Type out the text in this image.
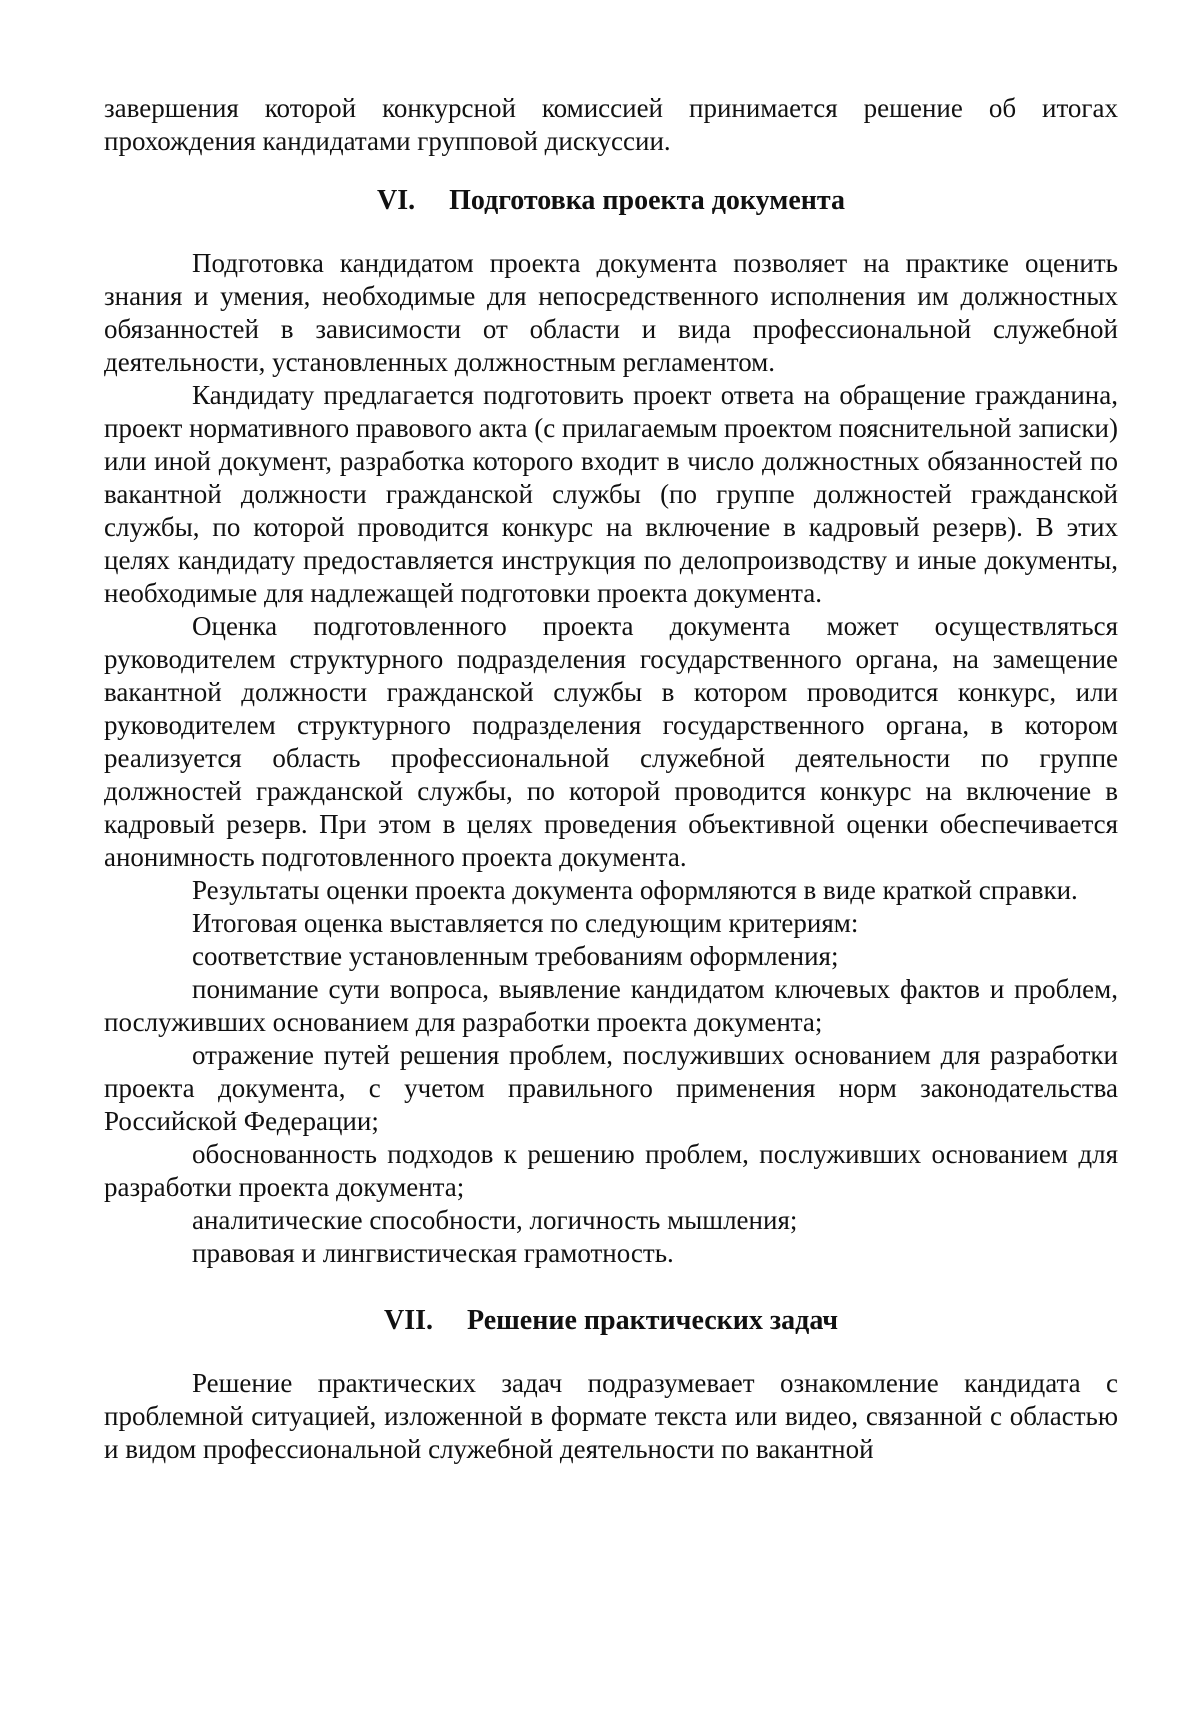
завершения которой конкурсной комиссией принимается решение об итогах прохождения кандидатами групповой дискуссии.

VI. Подготовка проекта документа

Подготовка кандидатом проекта документа позволяет на практике оценить знания и умения, необходимые для непосредственного исполнения им должностных обязанностей в зависимости от области и вида профессиональной служебной деятельности, установленных должностным регламентом.

Кандидату предлагается подготовить проект ответа на обращение гражданина, проект нормативного правового акта (с прилагаемым проектом пояснительной записки) или иной документ, разработка которого входит в число должностных обязанностей по вакантной должности гражданской службы (по группе должностей гражданской службы, по которой проводится конкурс на включение в кадровый резерв). В этих целях кандидату предоставляется инструкция по делопроизводству и иные документы, необходимые для надлежащей подготовки проекта документа.

Оценка подготовленного проекта документа может осуществляться руководителем структурного подразделения государственного органа, на замещение вакантной должности гражданской службы в котором проводится конкурс, или руководителем структурного подразделения государственного органа, в котором реализуется область профессиональной служебной деятельности по группе должностей гражданской службы, по которой проводится конкурс на включение в кадровый резерв. При этом в целях проведения объективной оценки обеспечивается анонимность подготовленного проекта документа.

Результаты оценки проекта документа оформляются в виде краткой справки.

Итоговая оценка выставляется по следующим критериям:

соответствие установленным требованиям оформления;

понимание сути вопроса, выявление кандидатом ключевых фактов и проблем, послуживших основанием для разработки проекта документа;

отражение путей решения проблем, послуживших основанием для разработки проекта документа, с учетом правильного применения норм законодательства Российской Федерации;

обоснованность подходов к решению проблем, послуживших основанием для разработки проекта документа;

аналитические способности, логичность мышления;

правовая и лингвистическая грамотность.

VII. Решение практических задач

Решение практических задач подразумевает ознакомление кандидата с проблемной ситуацией, изложенной в формате текста или видео, связанной с областью и видом профессиональной служебной деятельности по вакантной
